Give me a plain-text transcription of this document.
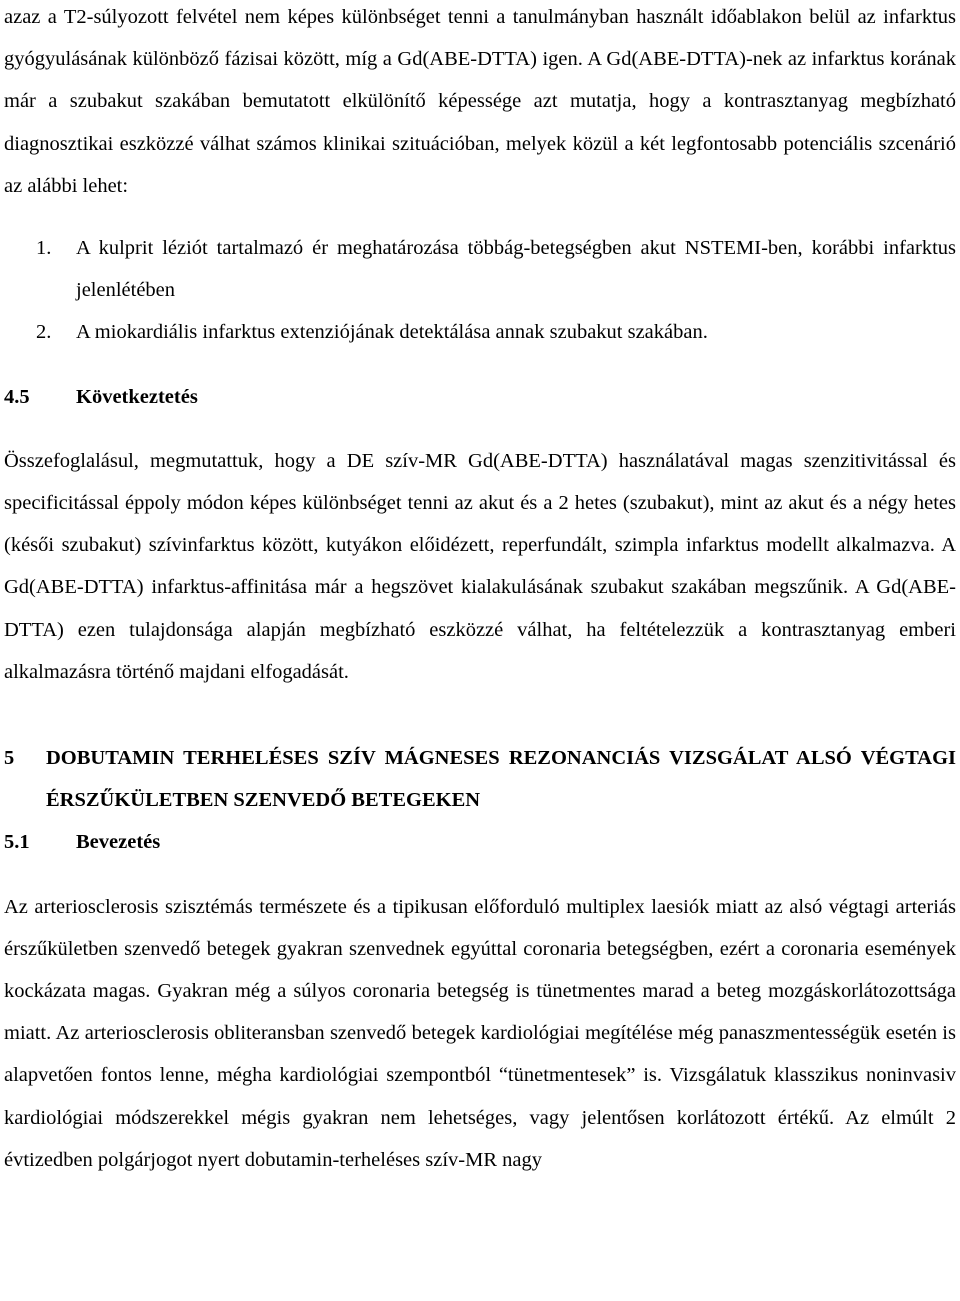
azaz a T2-súlyozott felvétel nem képes különbséget tenni a tanulmányban használt időablakon belül az infarktus gyógyulásának különböző fázisai között, míg a Gd(ABE-DTTA) igen. A Gd(ABE-DTTA)-nek az infarktus korának már a szubakut szakában bemutatott elkülönítő képessége azt mutatja, hogy a kontrasztanyag megbízható diagnosztikai eszközzé válhat számos klinikai szituációban, melyek közül a két legfontosabb potenciális szcenárió az alábbi lehet:

1.	A kulprit léziót tartalmazó ér meghatározása többág-betegségben akut NSTEMI-ben, korábbi infarktus jelenlétében
2.	A miokardiális infarktus extenziójának detektálása annak szubakut szakában.
4.5	Következtetés

Összefoglalásul, megmutattuk, hogy a DE szív-MR Gd(ABE-DTTA) használatával magas szenzitivitással és specificitással éppoly módon képes különbséget tenni az akut és a 2 hetes (szubakut), mint az akut és a négy hetes (késői szubakut) szívinfarktus között, kutyákon előidézett, reperfundált, szimpla infarktus modellt alkalmazva. A Gd(ABE-DTTA) infarktus-affinitása már a hegszövet kialakulásának szubakut szakában megszűnik. A Gd(ABE-DTTA) ezen tulajdonsága alapján megbízható eszközzé válhat, ha feltételezzük a kontrasztanyag emberi alkalmazásra történő majdani elfogadását.

5	DOBUTAMIN TERHELÉSES SZÍV MÁGNESES REZONANCIÁS VIZSGÁLAT ALSÓ VÉGTAGI ÉRSZŰKÜLETBEN SZENVEDŐ BETEGEKEN
5.1	Bevezetés

Az arteriosclerosis szisztémás természete és a tipikusan előforduló multiplex laesiók miatt az alsó végtagi arteriás érszűkületben szenvedő betegek gyakran szenvednek egyúttal coronaria betegségben, ezért a coronaria események kockázata magas. Gyakran még a súlyos coronaria betegség is tünetmentes marad a beteg mozgáskorlátozottsága miatt. Az arteriosclerosis obliteransban szenvedő betegek kardiológiai megítélése még panaszmentességük esetén is alapvetően fontos lenne, mégha kardiológiai szempontból “tünetmentesek” is. Vizsgálatuk klasszikus noninvasiv kardiológiai módszerekkel mégis gyakran nem lehetséges, vagy jelentősen korlátozott értékű. Az elmúlt 2 évtizedben polgárjogot nyert dobutamin-terheléses szív-MR nagy
